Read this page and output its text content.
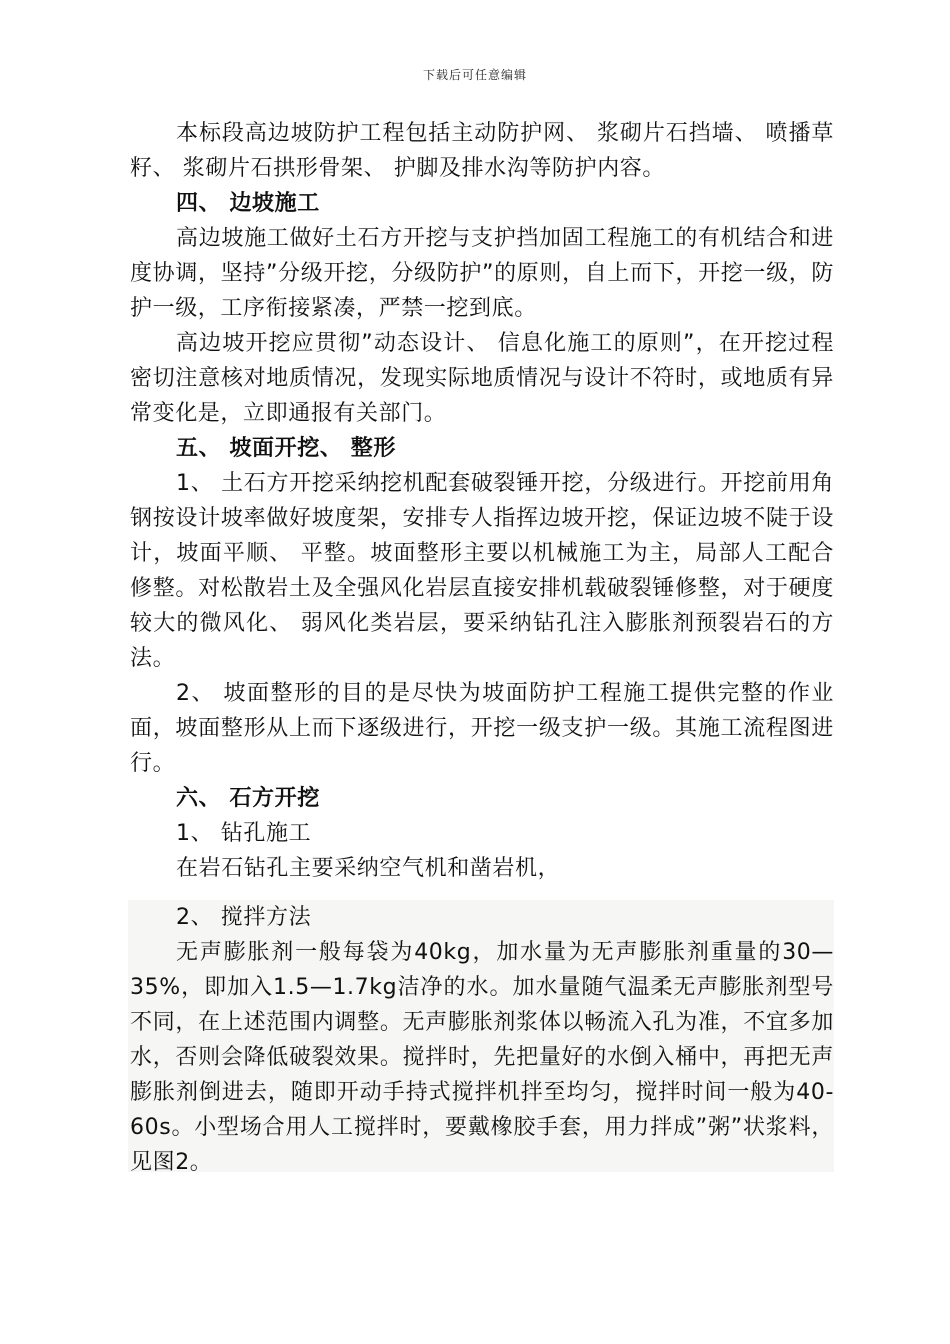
下载后可任意编辑

本标段高边坡防护工程包括主动防护网、 浆砌片石挡墙、 喷播草籽、 浆砌片石拱形骨架、 护脚及排水沟等防护内容。

四、 边坡施工

高边坡施工做好土石方开挖与支护挡加固工程施工的有机结合和进度协调，坚持”分级开挖，分级防护”的原则，自上而下，开挖一级，防护一级，工序衔接紧凑，严禁一挖到底。

高边坡开挖应贯彻”动态设计、 信息化施工的原则”，在开挖过程密切注意核对地质情况，发现实际地质情况与设计不符时，或地质有异常变化是，立即通报有关部门。

五、 坡面开挖、 整形

1、 土石方开挖采纳挖机配套破裂锤开挖，分级进行。开挖前用角钢按设计坡率做好坡度架，安排专人指挥边坡开挖，保证边坡不陡于设计，坡面平顺、 平整。坡面整形主要以机械施工为主，局部人工配合修整。对松散岩土及全强风化岩层直接安排机载破裂锤修整，对于硬度较大的微风化、 弱风化类岩层，要采纳钻孔注入膨胀剂预裂岩石的方法。

2、 坡面整形的目的是尽快为坡面防护工程施工提供完整的作业面，坡面整形从上而下逐级进行，开挖一级支护一级。其施工流程图进行。

六、 石方开挖

1、 钻孔施工

在岩石钻孔主要采纳空气机和凿岩机，

2、 搅拌方法

无声膨胀剂一般每袋为40kg，加水量为无声膨胀剂重量的30—35%，即加入1.5—1.7kg洁净的水。加水量随气温柔无声膨胀剂型号不同，在上述范围内调整。无声膨胀剂浆体以畅流入孔为准，不宜多加水，否则会降低破裂效果。搅拌时，先把量好的水倒入桶中，再把无声膨胀剂倒进去，随即开动手持式搅拌机拌至均匀，搅拌时间一般为40-60s。小型场合用人工搅拌时，要戴橡胶手套，用力拌成”粥”状浆料，见图2。
